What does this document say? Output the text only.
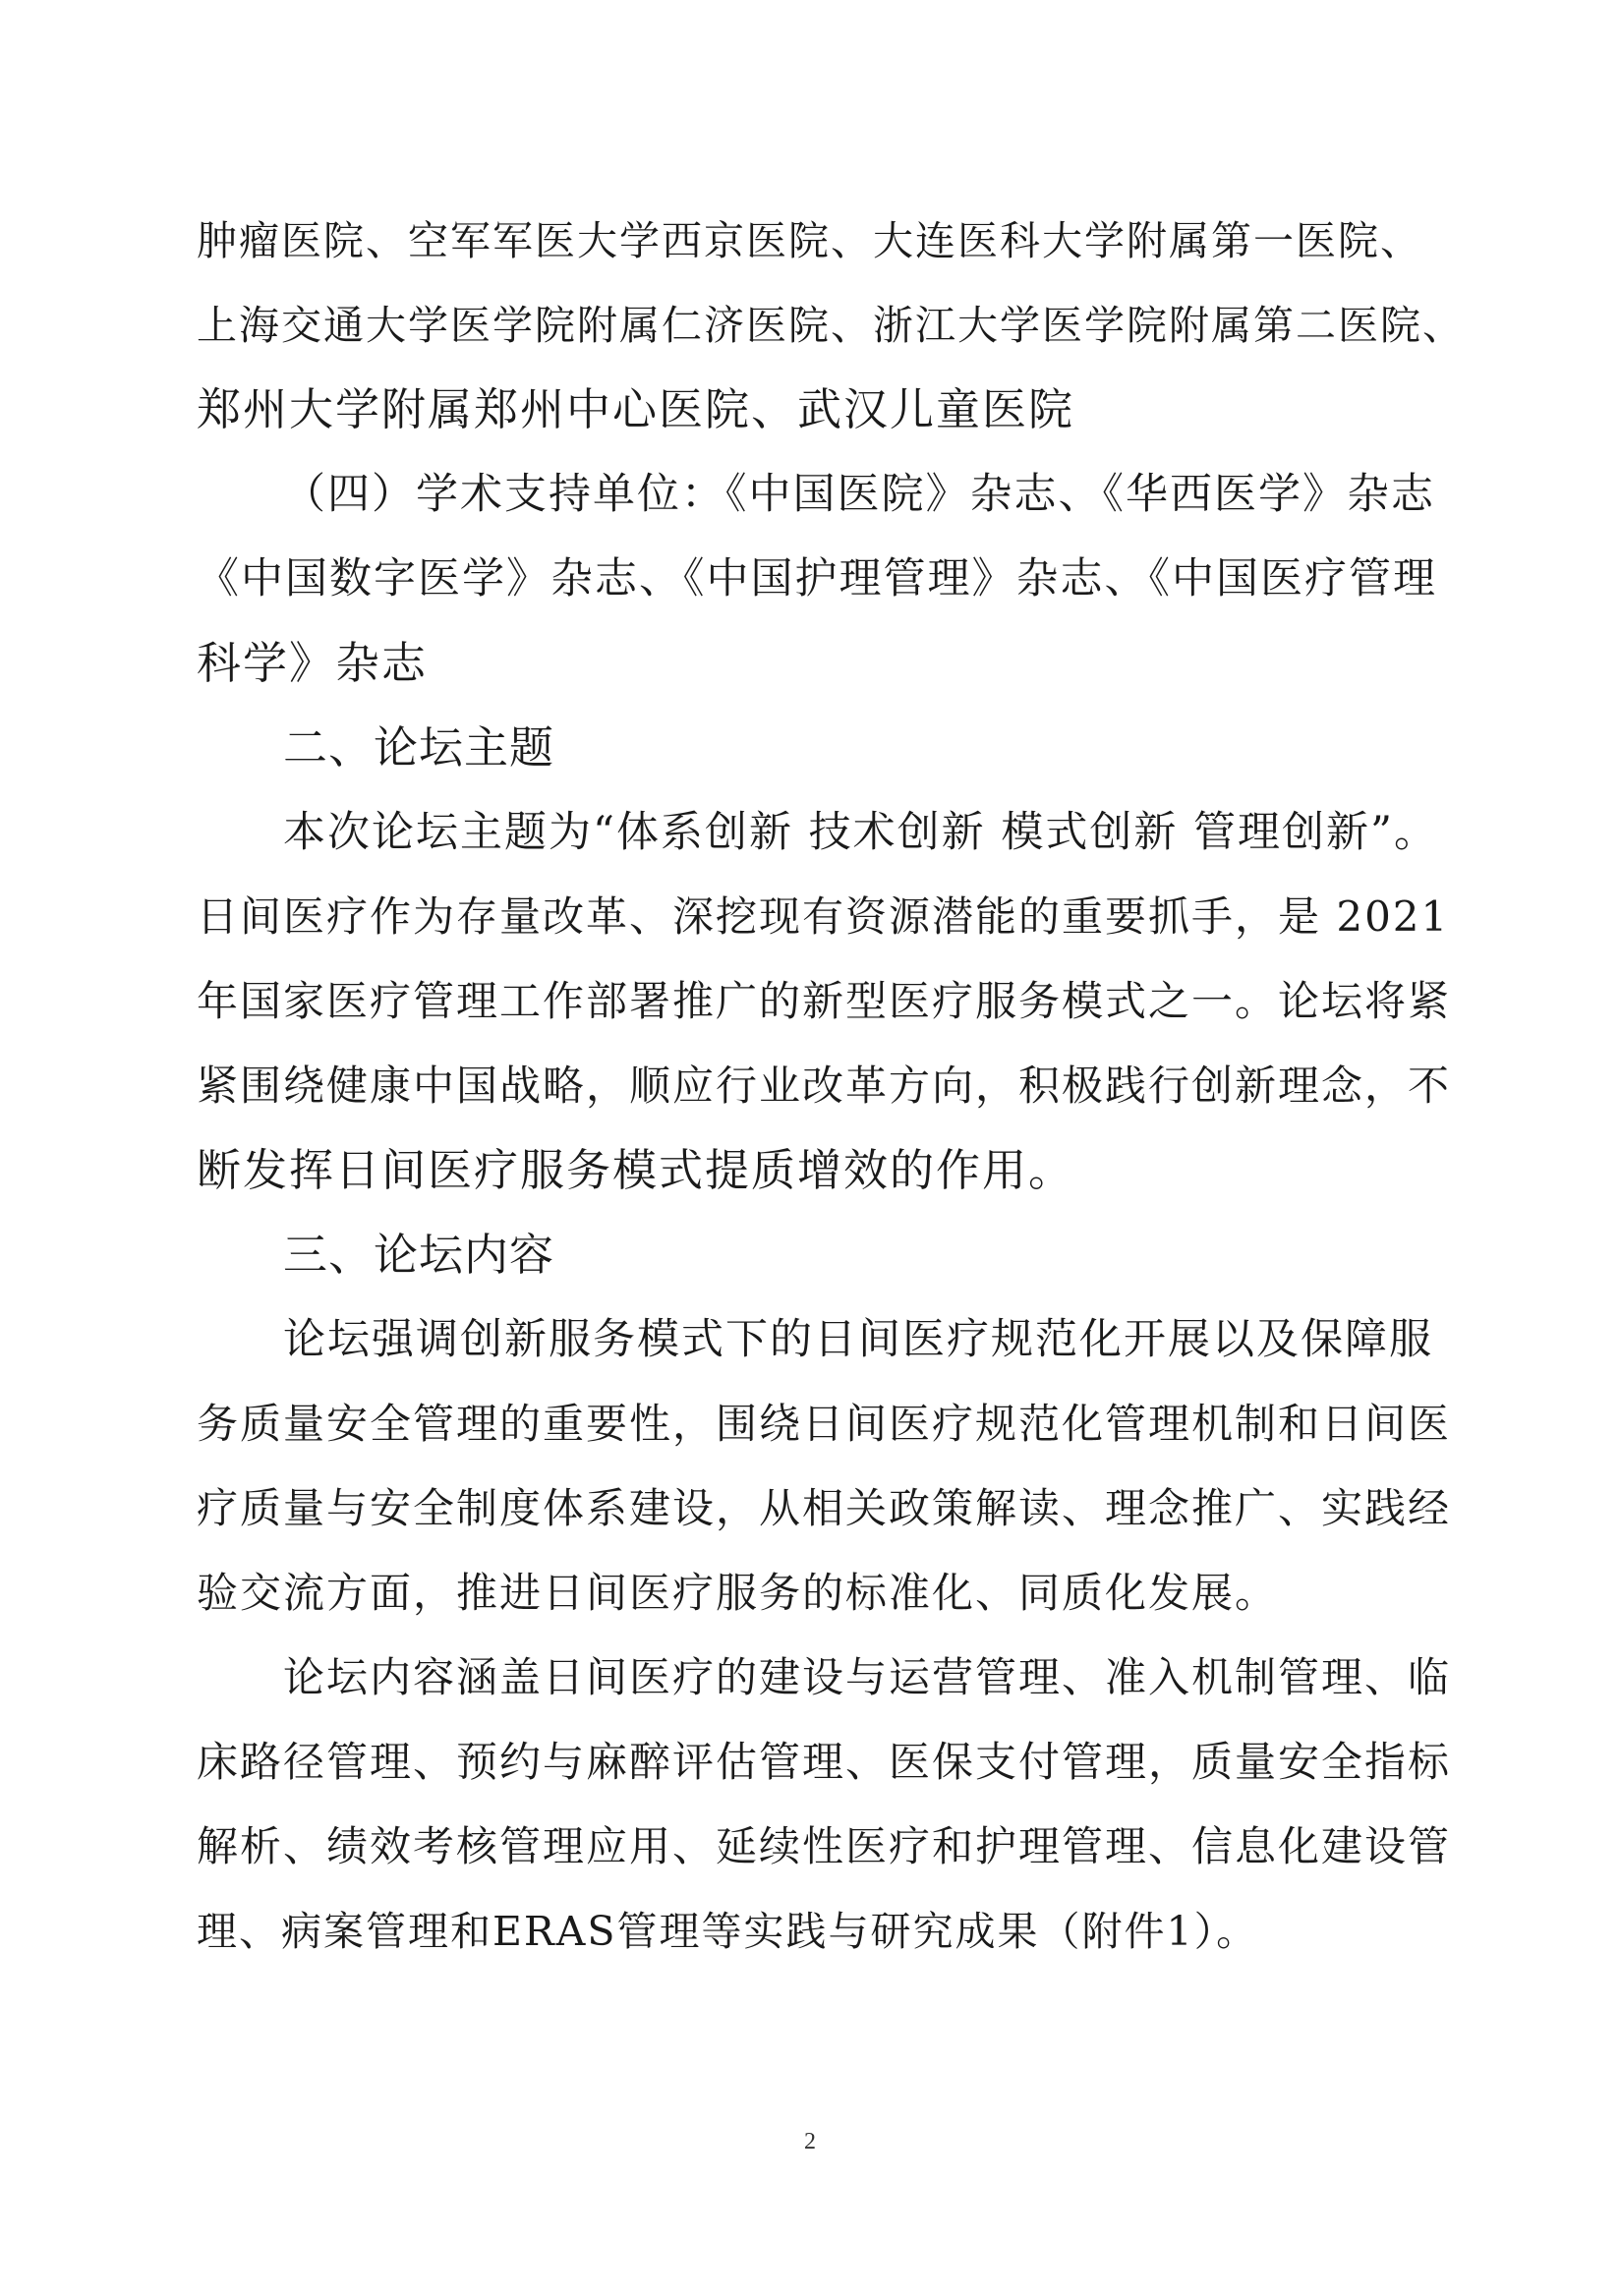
肿瘤医院、空军军医大学西京医院、大连医科大学附属第一医院、
上海交通大学医学院附属仁济医院、浙江大学医学院附属第二医院、
郑州大学附属郑州中心医院、武汉儿童医院
（四）学术支持单位：《中国医院》杂志、《华西医学》杂志
《中国数字医学》杂志、《中国护理管理》杂志、《中国医疗管理
科学》杂志
二、论坛主题
本次论坛主题为“体系创新 技术创新 模式创新 管理创新”。
日间医疗作为存量改革、深挖现有资源潜能的重要抓手，是 2021
年国家医疗管理工作部署推广的新型医疗服务模式之一。论坛将紧
紧围绕健康中国战略，顺应行业改革方向，积极践行创新理念，不
断发挥日间医疗服务模式提质增效的作用。
三、论坛内容
论坛强调创新服务模式下的日间医疗规范化开展以及保障服
务质量安全管理的重要性，围绕日间医疗规范化管理机制和日间医
疗质量与安全制度体系建设，从相关政策解读、理念推广、实践经
验交流方面，推进日间医疗服务的标准化、同质化发展。
论坛内容涵盖日间医疗的建设与运营管理、准入机制管理、临
床路径管理、预约与麻醉评估管理、医保支付管理，质量安全指标
解析、绩效考核管理应用、延续性医疗和护理管理、信息化建设管
理、病案管理和ERAS管理等实践与研究成果（附件1）。
2
